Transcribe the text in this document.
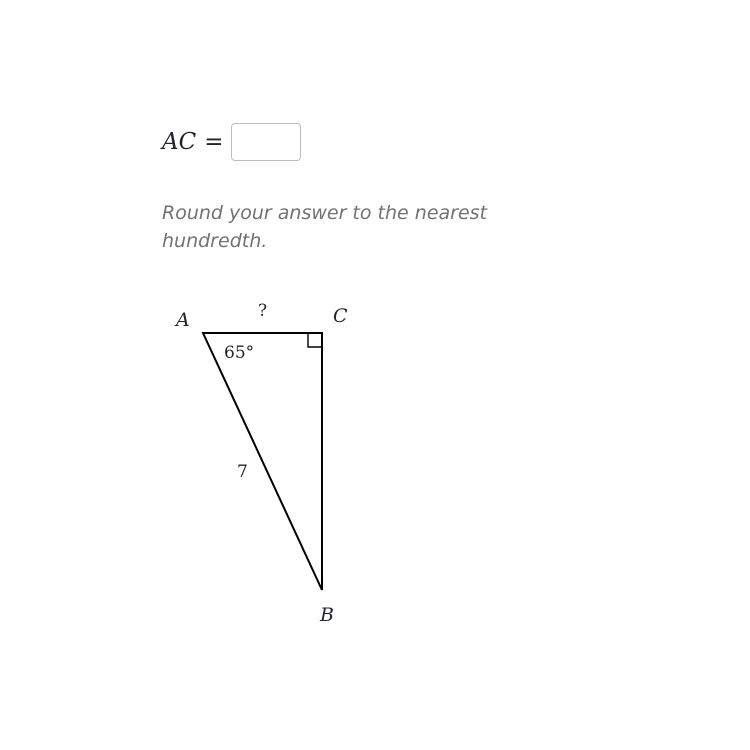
AC =
Round your answer to the nearest hundredth.
A	C
B
?
65°
7
